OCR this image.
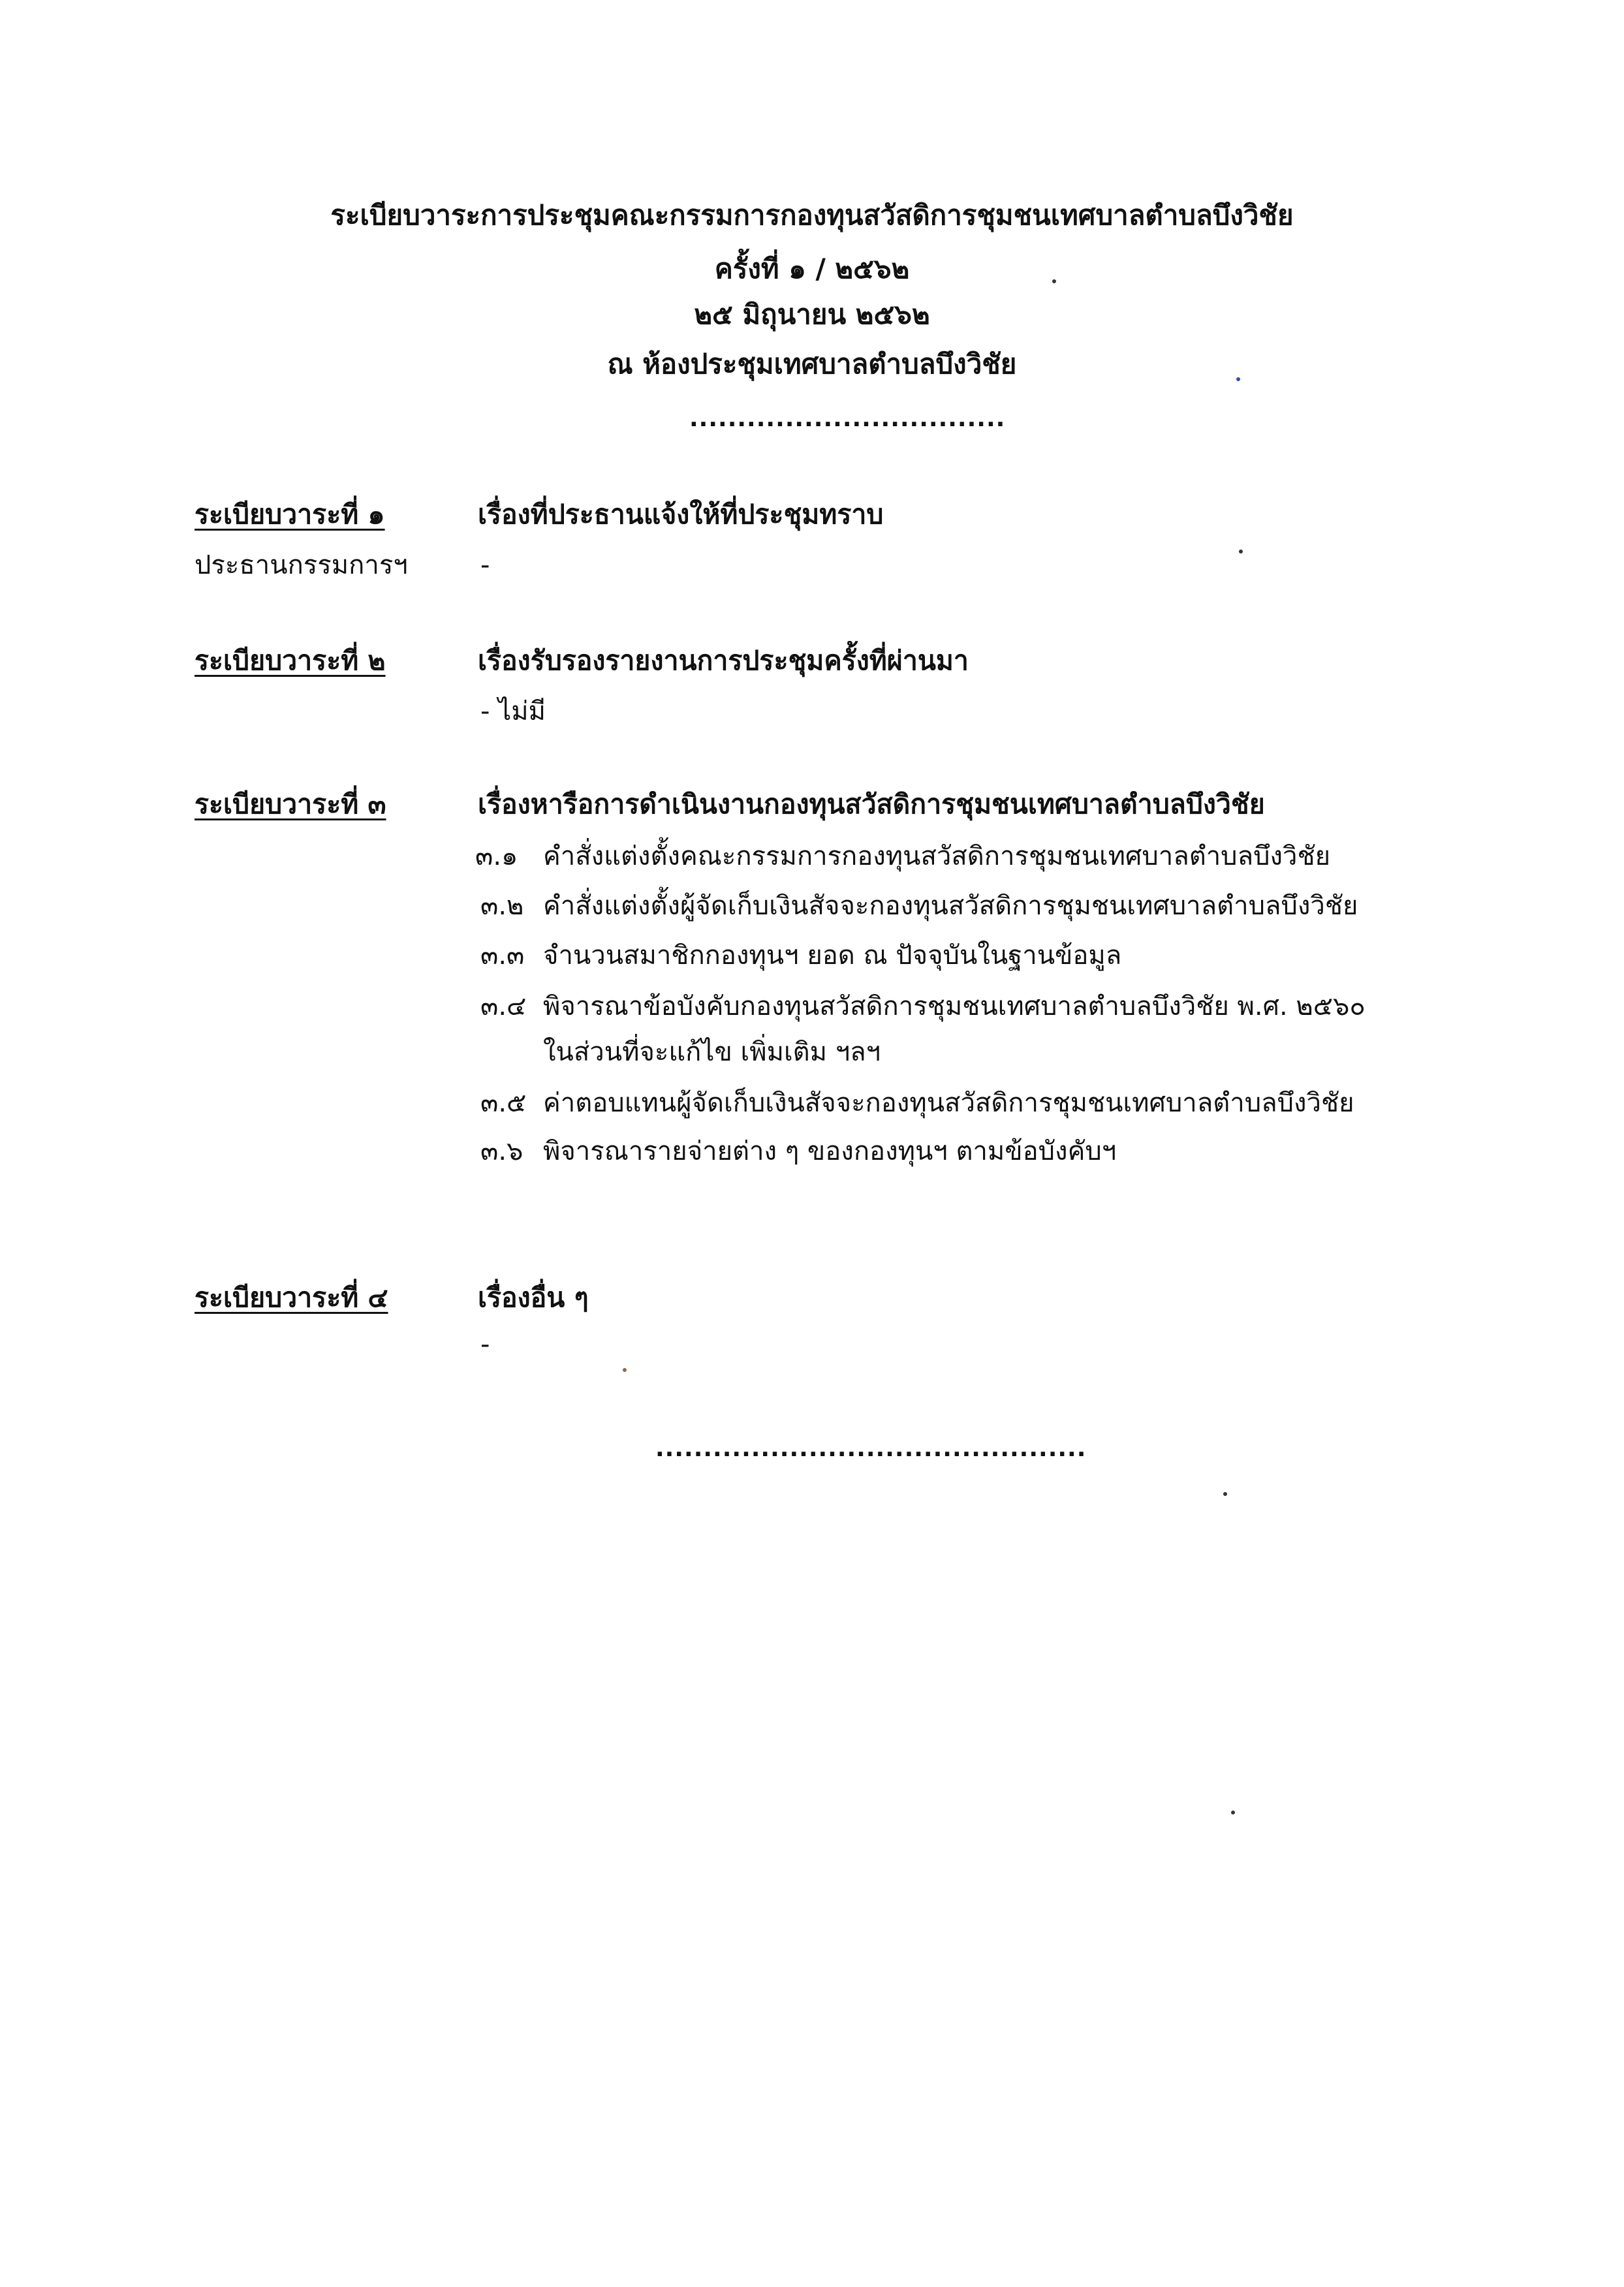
ระเบียบวาระการประชุมคณะกรรมการกองทุนสวัสดิการชุมชนเทศบาลตำบลบึงวิชัย
ครั้งที่ ๑ / ๒๕๖๒
๒๕ มิถุนายน ๒๕๖๒
ณ ห้องประชุมเทศบาลตำบลบึงวิชัย
.................................
ระเบียบวาระที่ ๑	เรื่องที่ประธานแจ้งให้ที่ประชุมทราบ
ประธานกรรมการฯ	-
ระเบียบวาระที่ ๒	เรื่องรับรองรายงานการประชุมครั้งที่ผ่านมา
- ไม่มี
ระเบียบวาระที่ ๓	เรื่องหารือการดำเนินงานกองทุนสวัสดิการชุมชนเทศบาลตำบลบึงวิชัย
๓.๑ คำสั่งแต่งตั้งคณะกรรมการกองทุนสวัสดิการชุมชนเทศบาลตำบลบึงวิชัย
๓.๒ คำสั่งแต่งตั้งผู้จัดเก็บเงินสัจจะกองทุนสวัสดิการชุมชนเทศบาลตำบลบึงวิชัย
๓.๓ จำนวนสมาชิกกองทุนฯ ยอด ณ ปัจจุบันในฐานข้อมูล
๓.๔ พิจารณาข้อบังคับกองทุนสวัสดิการชุมชนเทศบาลตำบลบึงวิชัย พ.ศ. ๒๕๖๐
ในส่วนที่จะแก้ไข เพิ่มเติม ฯลฯ
๓.๕ ค่าตอบแทนผู้จัดเก็บเงินสัจจะกองทุนสวัสดิการชุมชนเทศบาลตำบลบึงวิชัย
๓.๖ พิจารณารายจ่ายต่าง ๆ ของกองทุนฯ ตามข้อบังคับฯ
ระเบียบวาระที่ ๔	เรื่องอื่น ๆ
-
.............................................
